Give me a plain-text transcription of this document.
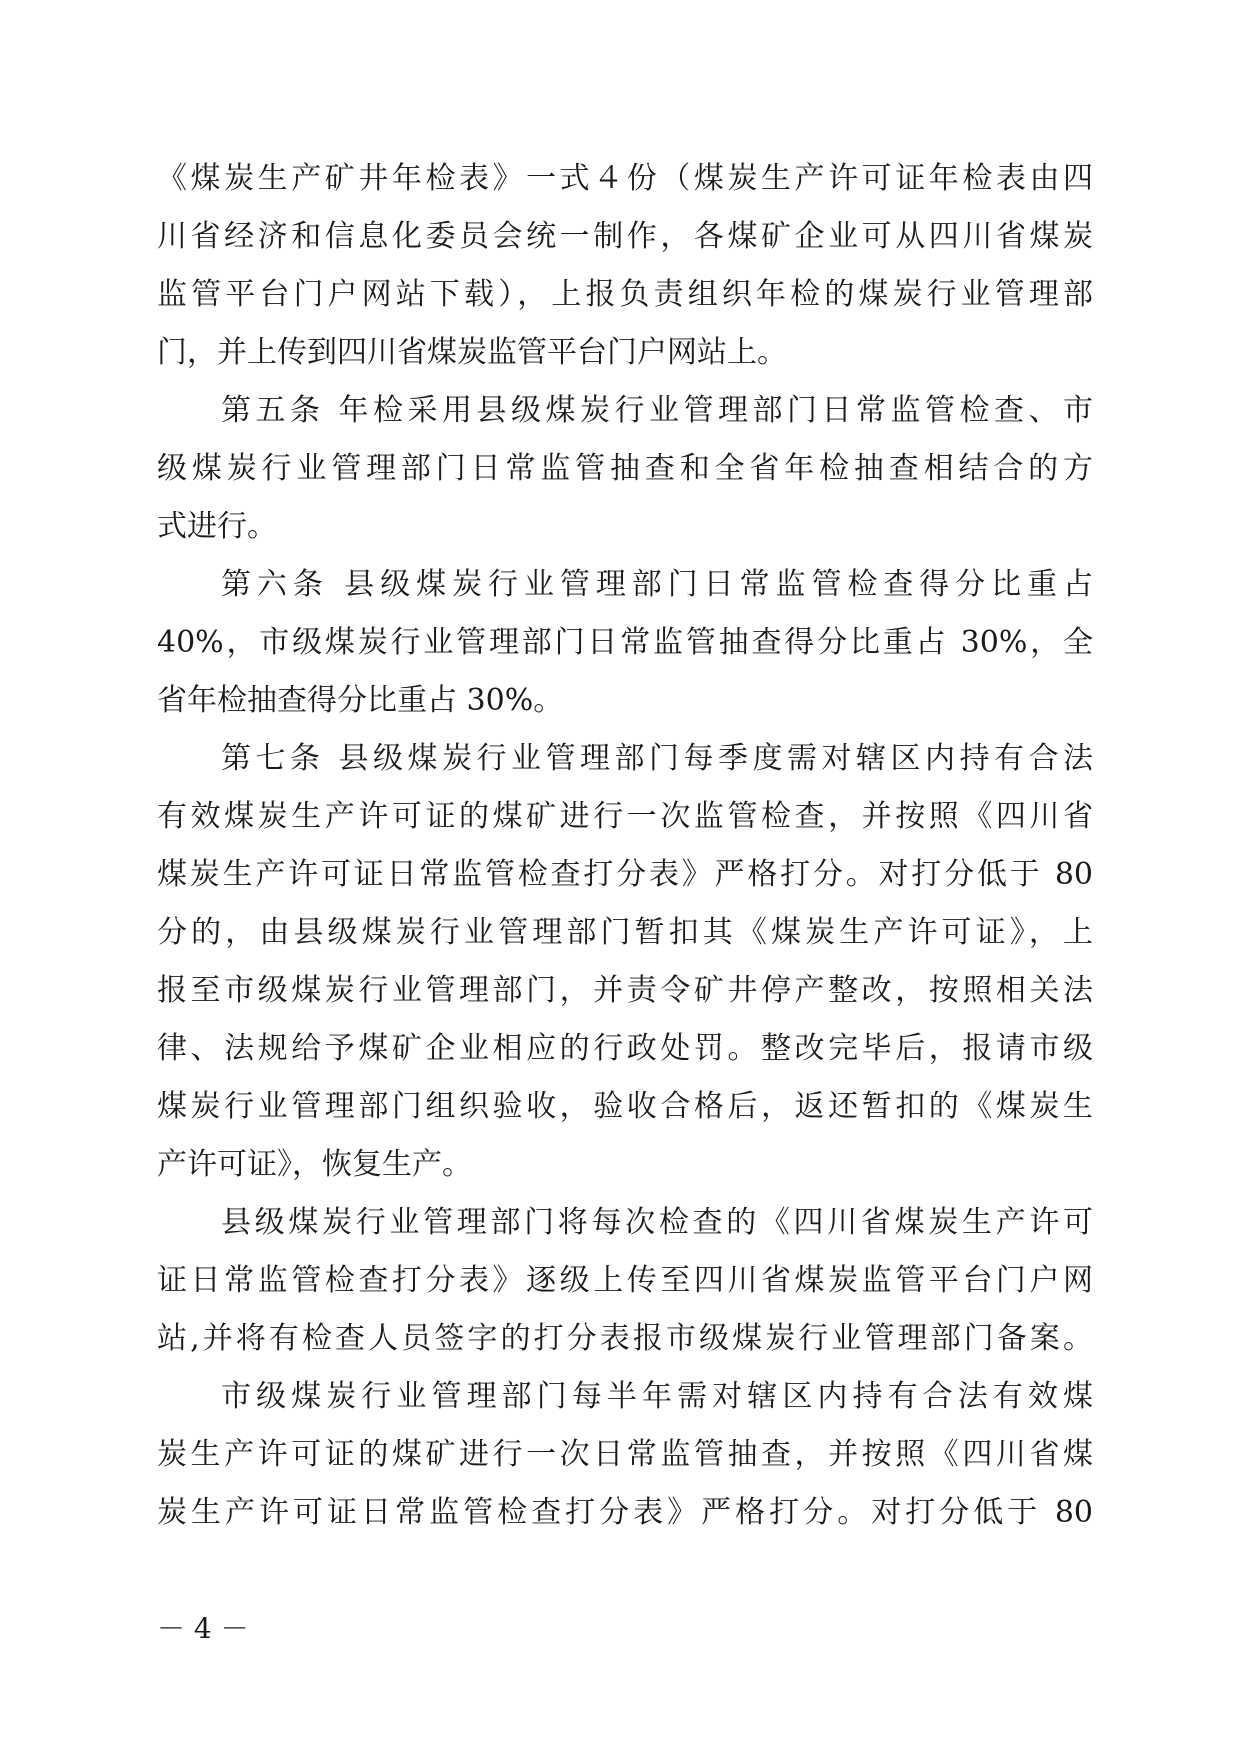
《煤炭生产矿井年检表》一式４份（煤炭生产许可证年检表由四
川省经济和信息化委员会统一制作，各煤矿企业可从四川省煤炭
监管平台门户网站下载），上报负责组织年检的煤炭行业管理部
门，并上传到四川省煤炭监管平台门户网站上。
第五条 年检采用县级煤炭行业管理部门日常监管检查、市
级煤炭行业管理部门日常监管抽查和全省年检抽查相结合的方
式进行。
第六条 县级煤炭行业管理部门日常监管检查得分比重占
40%，市级煤炭行业管理部门日常监管抽查得分比重占 30%，全
省年检抽查得分比重占 30%。
第七条 县级煤炭行业管理部门每季度需对辖区内持有合法
有效煤炭生产许可证的煤矿进行一次监管检查，并按照《四川省
煤炭生产许可证日常监管检查打分表》严格打分。对打分低于 80
分的，由县级煤炭行业管理部门暂扣其《煤炭生产许可证》，上
报至市级煤炭行业管理部门，并责令矿井停产整改，按照相关法
律、法规给予煤矿企业相应的行政处罚。整改完毕后，报请市级
煤炭行业管理部门组织验收，验收合格后，返还暂扣的《煤炭生
产许可证》，恢复生产。
县级煤炭行业管理部门将每次检查的《四川省煤炭生产许可
证日常监管检查打分表》逐级上传至四川省煤炭监管平台门户网
站,并将有检查人员签字的打分表报市级煤炭行业管理部门备案。
市级煤炭行业管理部门每半年需对辖区内持有合法有效煤
炭生产许可证的煤矿进行一次日常监管抽查，并按照《四川省煤
炭生产许可证日常监管检查打分表》严格打分。对打分低于 80
－ 4 －
